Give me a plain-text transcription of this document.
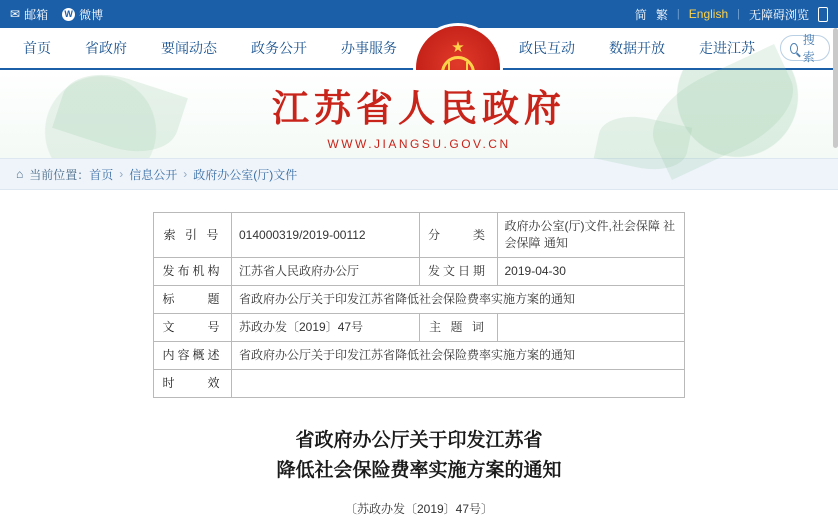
✉ 邮箱 W 微博	简 繁 | English | 无障碍浏览
首页	省政府	要闻动态	政务公开	办事服务	★	政民互动	数据开放	走进江苏	搜索
江苏省人民政府
WWW.JIANGSU.GOV.CN
⌂ 当前位置： 首页 › 信息公开 › 政府办公室(厅)文件
索 引 号	014000319/2019-00112	分　　类	政府办公室(厅)文件,社会保障 社会保障 通知
发布机构	江苏省人民政府办公厅	发文日期	2019-04-30
标　　题	省政府办公厅关于印发江苏省降低社会保险费率实施方案的通知		
文　　号	苏政办发〔2019〕47号	主 题 词	
内容概述	省政府办公厅关于印发江苏省降低社会保险费率实施方案的通知		
时　　效			
省政府办公厅关于印发江苏省
降低社会保险费率实施方案的通知
〔苏政办发〔2019〕47号〕
